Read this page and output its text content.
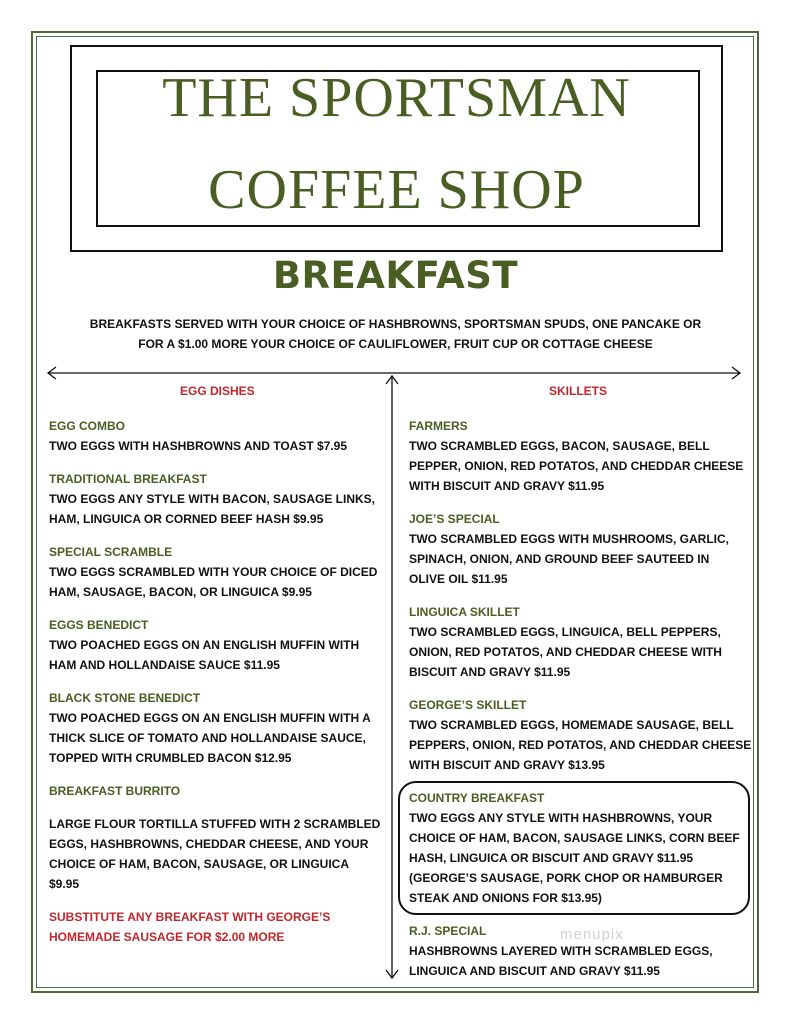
THE SPORTSMAN
COFFEE SHOP
BREAKFAST
BREAKFASTS SERVED WITH YOUR CHOICE OF HASHBROWNS, SPORTSMAN SPUDS, ONE PANCAKE OR
FOR A $1.00 MORE YOUR CHOICE OF CAULIFLOWER, FRUIT CUP OR COTTAGE CHEESE
EGG DISHES	SKILLETS
EGG COMBO
TWO EGGS WITH HASHBROWNS AND TOAST $7.95
TRADITIONAL BREAKFAST
TWO EGGS ANY STYLE WITH BACON, SAUSAGE LINKS,
HAM, LINGUICA OR CORNED BEEF HASH $9.95
SPECIAL SCRAMBLE
TWO EGGS SCRAMBLED WITH YOUR CHOICE OF DICED
HAM, SAUSAGE, BACON, OR LINGUICA $9.95
EGGS BENEDICT
TWO POACHED EGGS ON AN ENGLISH MUFFIN WITH
HAM AND HOLLANDAISE SAUCE $11.95
BLACK STONE BENEDICT
TWO POACHED EGGS ON AN ENGLISH MUFFIN WITH A
THICK SLICE OF TOMATO AND HOLLANDAISE SAUCE,
TOPPED WITH CRUMBLED BACON $12.95
BREAKFAST BURRITO
LARGE FLOUR TORTILLA STUFFED WITH 2 SCRAMBLED
EGGS, HASHBROWNS, CHEDDAR CHEESE, AND YOUR
CHOICE OF HAM, BACON, SAUSAGE, OR LINGUICA
$9.95
SUBSTITUTE ANY BREAKFAST WITH GEORGE’S
HOMEMADE SAUSAGE FOR $2.00 MORE
FARMERS
TWO SCRAMBLED EGGS, BACON, SAUSAGE, BELL
PEPPER, ONION, RED POTATOS, AND CHEDDAR CHEESE
WITH BISCUIT AND GRAVY $11.95
JOE’S SPECIAL
TWO SCRAMBLED EGGS WITH MUSHROOMS, GARLIC,
SPINACH, ONION, AND GROUND BEEF SAUTEED IN
OLIVE OIL $11.95
LINGUICA SKILLET
TWO SCRAMBLED EGGS, LINGUICA, BELL PEPPERS,
ONION, RED POTATOS, AND CHEDDAR CHEESE WITH
BISCUIT AND GRAVY $11.95
GEORGE’S SKILLET
TWO SCRAMBLED EGGS, HOMEMADE SAUSAGE, BELL
PEPPERS, ONION, RED POTATOS, AND CHEDDAR CHEESE
WITH BISCUIT AND GRAVY $13.95
COUNTRY BREAKFAST
TWO EGGS ANY STYLE WITH HASHBROWNS, YOUR
CHOICE OF HAM, BACON, SAUSAGE LINKS, CORN BEEF
HASH, LINGUICA OR BISCUIT AND GRAVY $11.95
(GEORGE’S SAUSAGE, PORK CHOP OR HAMBURGER
STEAK AND ONIONS FOR $13.95)
R.J. SPECIAL
HASHBROWNS LAYERED WITH SCRAMBLED EGGS,
LINGUICA AND BISCUIT AND GRAVY $11.95
menupix
